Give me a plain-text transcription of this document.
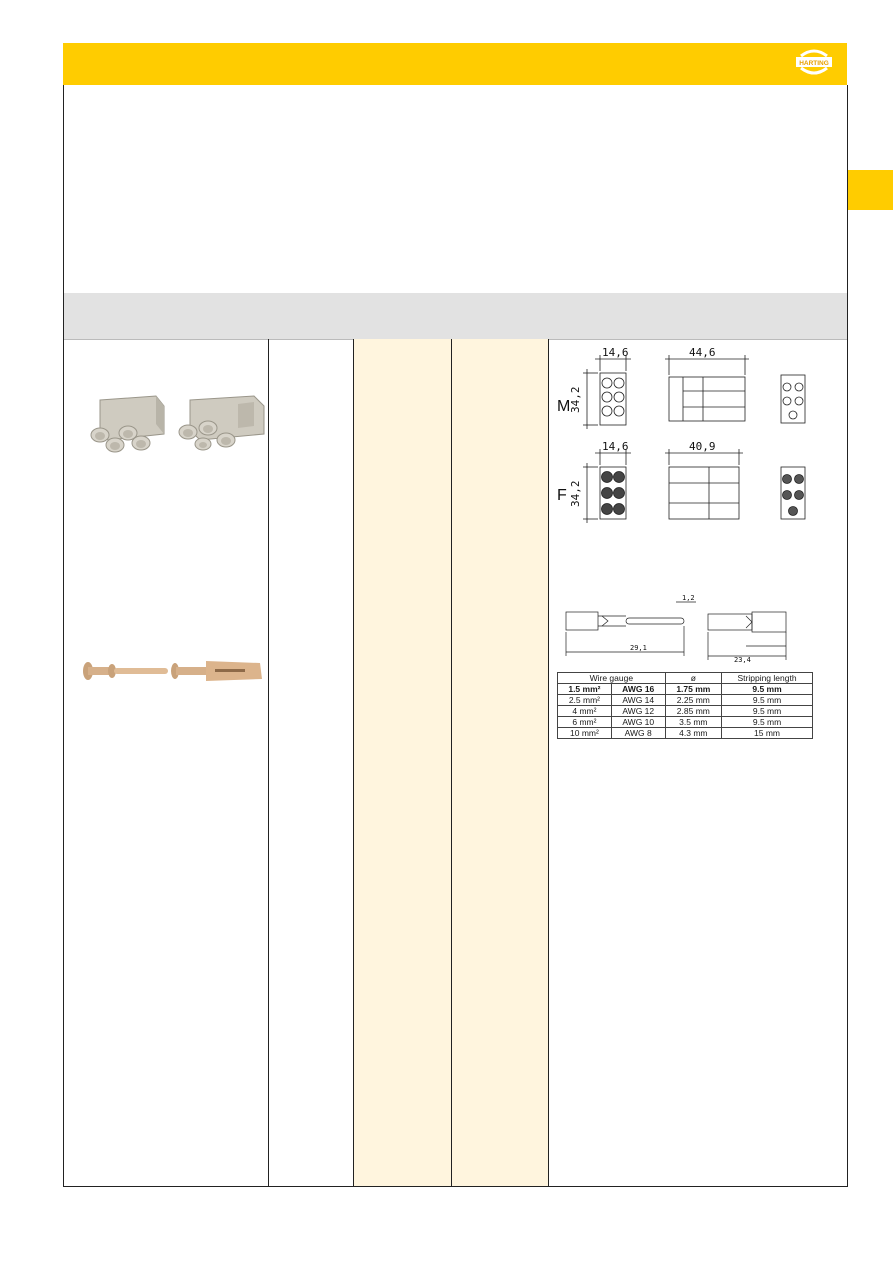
HARTING
14,6	44,6
34,2
14,6	40,9
34,2
M
F
29,1
1,2
23,4
Wire gauge		ø	Stripping length
1.5 mm²	AWG 16	1.75 mm	9.5 mm
2.5 mm²	AWG 14	2.25 mm	9.5 mm
4 mm²	AWG 12	2.85 mm	9.5 mm
6 mm²	AWG 10	3.5 mm	9.5 mm
10 mm²	AWG 8	4.3 mm	15 mm
